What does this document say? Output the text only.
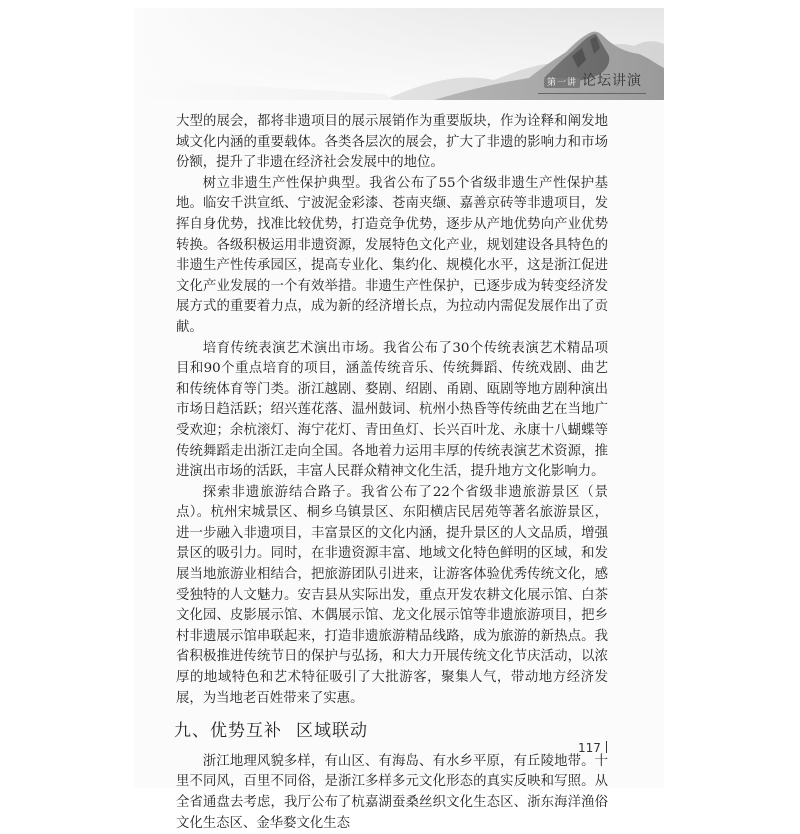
第一讲 论坛讲演

大型的展会，都将非遗项目的展示展销作为重要版块，作为诠释和阐发地域文化内涵的重要载体。各类各层次的展会，扩大了非遗的影响力和市场份额，提升了非遗在经济社会发展中的地位。

树立非遗生产性保护典型。我省公布了55个省级非遗生产性保护基地。临安千洪宣纸、宁波泥金彩漆、苍南夹缬、嘉善京砖等非遗项目，发挥自身优势，找准比较优势，打造竞争优势，逐步从产地优势向产业优势转换。各级积极运用非遗资源，发展特色文化产业，规划建设各具特色的非遗生产性传承园区，提高专业化、集约化、规模化水平，这是浙江促进文化产业发展的一个有效举措。非遗生产性保护，已逐步成为转变经济发展方式的重要着力点，成为新的经济增长点，为拉动内需促发展作出了贡献。

培育传统表演艺术演出市场。我省公布了30个传统表演艺术精品项目和90个重点培育的项目，涵盖传统音乐、传统舞蹈、传统戏剧、曲艺和传统体育等门类。浙江越剧、婺剧、绍剧、甬剧、瓯剧等地方剧种演出市场日趋活跃；绍兴莲花落、温州鼓词、杭州小热昏等传统曲艺在当地广受欢迎；余杭滚灯、海宁花灯、青田鱼灯、长兴百叶龙、永康十八蝴蝶等传统舞蹈走出浙江走向全国。各地着力运用丰厚的传统表演艺术资源，推进演出市场的活跃，丰富人民群众精神文化生活，提升地方文化影响力。

探索非遗旅游结合路子。我省公布了22个省级非遗旅游景区（景点）。杭州宋城景区、桐乡乌镇景区、东阳横店民居苑等著名旅游景区，进一步融入非遗项目，丰富景区的文化内涵，提升景区的人文品质，增强景区的吸引力。同时，在非遗资源丰富、地域文化特色鲜明的区域，和发展当地旅游业相结合，把旅游团队引进来，让游客体验优秀传统文化，感受独特的人文魅力。安吉县从实际出发，重点开发农耕文化展示馆、白茶文化园、皮影展示馆、木偶展示馆、龙文化展示馆等非遗旅游项目，把乡村非遗展示馆串联起来，打造非遗旅游精品线路，成为旅游的新热点。我省积极推进传统节日的保护与弘扬，和大力开展传统文化节庆活动，以浓厚的地域特色和艺术特征吸引了大批游客，聚集人气，带动地方经济发展，为当地老百姓带来了实惠。

九、优势互补 区域联动

浙江地理风貌多样，有山区、有海岛、有水乡平原，有丘陵地带。十里不同风，百里不同俗，是浙江多样多元文化形态的真实反映和写照。从全省通盘去考虑，我厅公布了杭嘉湖蚕桑丝织文化生态区、浙东海洋渔俗文化生态区、金华婺文化生态

117
